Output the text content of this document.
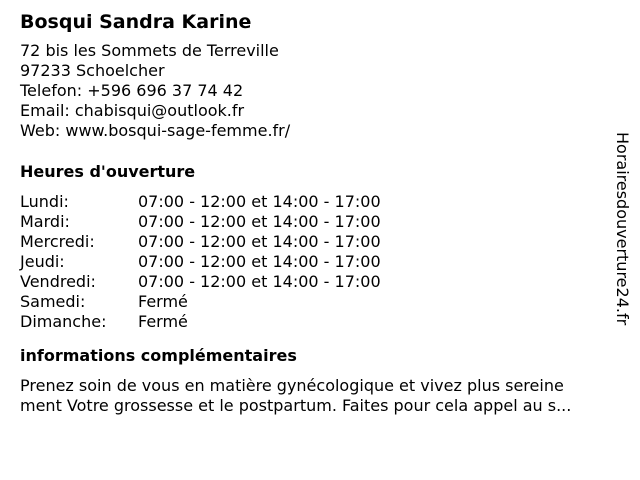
Bosqui Sandra Karine
72 bis les Sommets de Terreville
97233 Schoelcher
Telefon: +596 696 37 74 42
Email: chabisqui@outlook.fr
Web: www.bosqui-sage-femme.fr/
Heures d'ouverture
Lundi:	07:00 - 12:00 et 14:00 - 17:00
Mardi:	07:00 - 12:00 et 14:00 - 17:00
Mercredi:	07:00 - 12:00 et 14:00 - 17:00
Jeudi:	07:00 - 12:00 et 14:00 - 17:00
Vendredi:	07:00 - 12:00 et 14:00 - 17:00
Samedi:	Fermé
Dimanche:	Fermé
informations complémentaires
Prenez soin de vous en matière gynécologique et vivez plus sereine
ment Votre grossesse et le postpartum. Faites pour cela appel au s...
Horairesdouverture24.fr
